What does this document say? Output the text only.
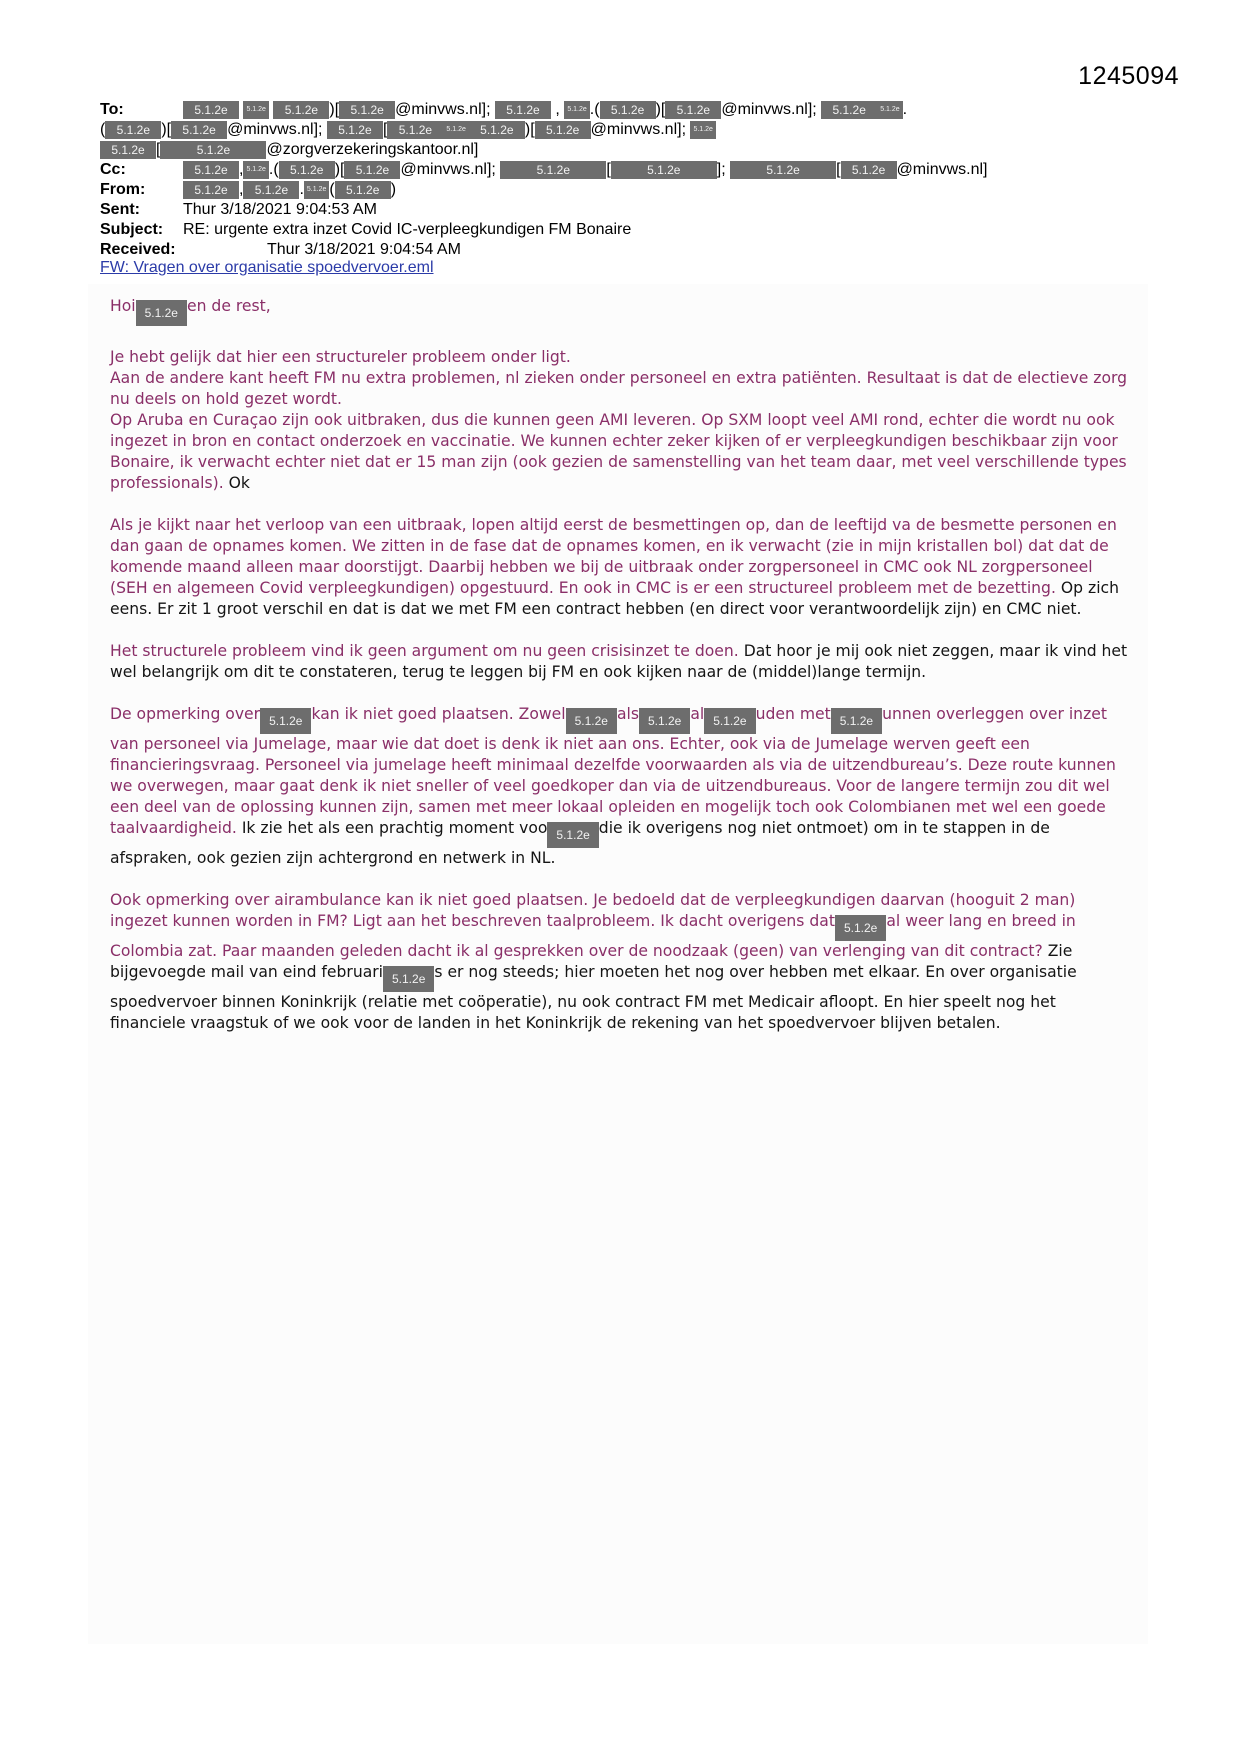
1245094
To:	5.1.2e	5.1.2e 5.1.2e )[ 5.1.2e @minvws.nl]; 5.1.2e , 5.1.2e .( 5.1.2e )[ 5.1.2e @minvws.nl]; 5.1.2e 5.1.2e .
( 5.1.2e )[ 5.1.2e @minvws.nl]; 5.1.2e [ 5.1.2e 5.1.2e 5.1.2e )[ 5.1.2e @minvws.nl]; 5.1.2e
5.1.2e [	5.1.2e @zorgverzekeringskantoor.nl]
Cc:	5.1.2e , 5.1.2e .( 5.1.2e )[ 5.1.2e @minvws.nl];	5.1.2e [	5.1.2e ];	5.1.2e [ 5.1.2e @minvws.nl]
From:	5.1.2e , 5.1.2e . 5.1.2e ( 5.1.2e )
Sent:	Thur 3/18/2021 9:04:53 AM
Subject: RE: urgente extra inzet Covid IC-verpleegkundigen FM Bonaire
Received:	Thur 3/18/2021 9:04:54 AM
FW: Vragen over organisatie spoedvervoer.eml

Hoi 5.1.2e en de rest,

Je hebt gelijk dat hier een structureler probleem onder ligt.
Aan de andere kant heeft FM nu extra problemen, nl zieken onder personeel en extra patiënten. Resultaat is dat de electieve zorg nu deels on hold gezet wordt.
Op Aruba en Curaçao zijn ook uitbraken, dus die kunnen geen AMI leveren. Op SXM loopt veel AMI rond, echter die wordt nu ook ingezet in bron en contact onderzoek en vaccinatie. We kunnen echter zeker kijken of er verpleegkundigen beschikbaar zijn voor Bonaire, ik verwacht echter niet dat er 15 man zijn (ook gezien de samenstelling van het team daar, met veel verschillende types professionals). Ok

Als je kijkt naar het verloop van een uitbraak, lopen altijd eerst de besmettingen op, dan de leeftijd va de besmette personen en dan gaan de opnames komen. We zitten in de fase dat de opnames komen, en ik verwacht (zie in mijn kristallen bol) dat dat de komende maand alleen maar doorstijgt. Daarbij hebben we bij de uitbraak onder zorgpersoneel in CMC ook NL zorgpersoneel (SEH en algemeen Covid verpleegkundigen) opgestuurd. En ook in CMC is er een structureel probleem met de bezetting. Op zich eens. Er zit 1 groot verschil en dat is dat we met FM een contract hebben (en direct voor verantwoordelijk zijn) en CMC niet.

Het structurele probleem vind ik geen argument om nu geen crisisinzet te doen. Dat hoor je mij ook niet zeggen, maar ik vind het wel belangrijk om dit te constateren, terug te leggen bij FM en ook kijken naar de (middel)lange termijn.

De opmerking over 5.1.2e kan ik niet goed plaatsen. Zowel 5.1.2e als 5.1.2e al 5.1.2e uden met 5.1.2e unnen overleggen over inzet van personeel via Jumelage, maar wie dat doet is denk ik niet aan ons. Echter, ook via de Jumelage werven geeft een financieringsvraag. Personeel via jumelage heeft minimaal dezelfde voorwaarden als via de uitzendbureau’s. Deze route kunnen we overwegen, maar gaat denk ik niet sneller of veel goedkoper dan via de uitzendbureaus. Voor de langere termijn zou dit wel een deel van de oplossing kunnen zijn, samen met meer lokaal opleiden en mogelijk toch ook Colombianen met wel een goede taalvaardigheid. Ik zie het als een prachtig moment voo 5.1.2e die ik overigens nog niet ontmoet) om in te stappen in de afspraken, ook gezien zijn achtergrond en netwerk in NL.

Ook opmerking over airambulance kan ik niet goed plaatsen. Je bedoeld dat de verpleegkundigen daarvan (hooguit 2 man) ingezet kunnen worden in FM? Ligt aan het beschreven taalprobleem. Ik dacht overigens dat 5.1.2e al weer lang en breed in Colombia zat. Paar maanden geleden dacht ik al gesprekken over de noodzaak (geen) van verlenging van dit contract? Zie bijgevoegde mail van eind februari 5.1.2e s er nog steeds; hier moeten het nog over hebben met elkaar. En over organisatie spoedvervoer binnen Koninkrijk (relatie met coöperatie), nu ook contract FM met Medicair afloopt. En hier speelt nog het financiele vraagstuk of we ook voor de landen in het Koninkrijk de rekening van het spoedvervoer blijven betalen.
